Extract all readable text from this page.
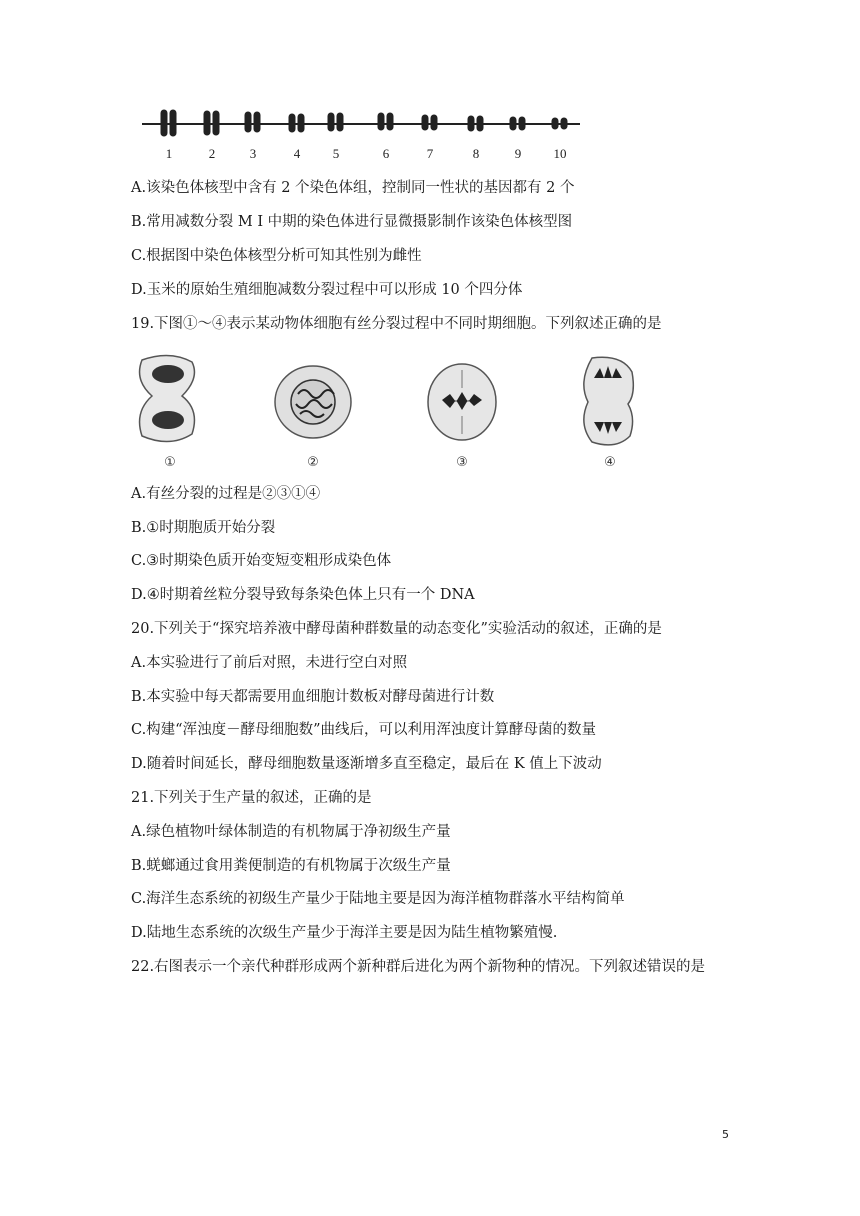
1	2	3	4	5	6	7	8	9 10
A.该染色体核型中含有 2 个染色体组，控制同一性状的基因都有 2 个
B.常用减数分裂 M I 中期的染色体进行显微摄影制作该染色体核型图
C.根据图中染色体核型分析可知其性别为雌性
D.玉米的原始生殖细胞减数分裂过程中可以形成 10 个四分体
19.下图①～④表示某动物体细胞有丝分裂过程中不同时期细胞。下列叙述正确的是
①	②	③	④
A.有丝分裂的过程是②③①④
B.①时期胞质开始分裂
C.③时期染色质开始变短变粗形成染色体
D.④时期着丝粒分裂导致每条染色体上只有一个 DNA
20.下列关于“探究培养液中酵母菌种群数量的动态变化”实验活动的叙述，正确的是
A.本实验进行了前后对照，未进行空白对照
B.本实验中每天都需要用血细胞计数板对酵母菌进行计数
C.构建“浑浊度－酵母细胞数”曲线后，可以利用浑浊度计算酵母菌的数量
D.随着时间延长，酵母细胞数量逐渐增多直至稳定，最后在 K 值上下波动
21.下列关于生产量的叙述，正确的是
A.绿色植物叶绿体制造的有机物属于净初级生产量
B.蜣螂通过食用粪便制造的有机物属于次级生产量
C.海洋生态系统的初级生产量少于陆地主要是因为海洋植物群落水平结构简单
D.陆地生态系统的次级生产量少于海洋主要是因为陆生植物繁殖慢.
22.右图表示一个亲代种群形成两个新种群后进化为两个新物种的情况。下列叙述错误的是
5
